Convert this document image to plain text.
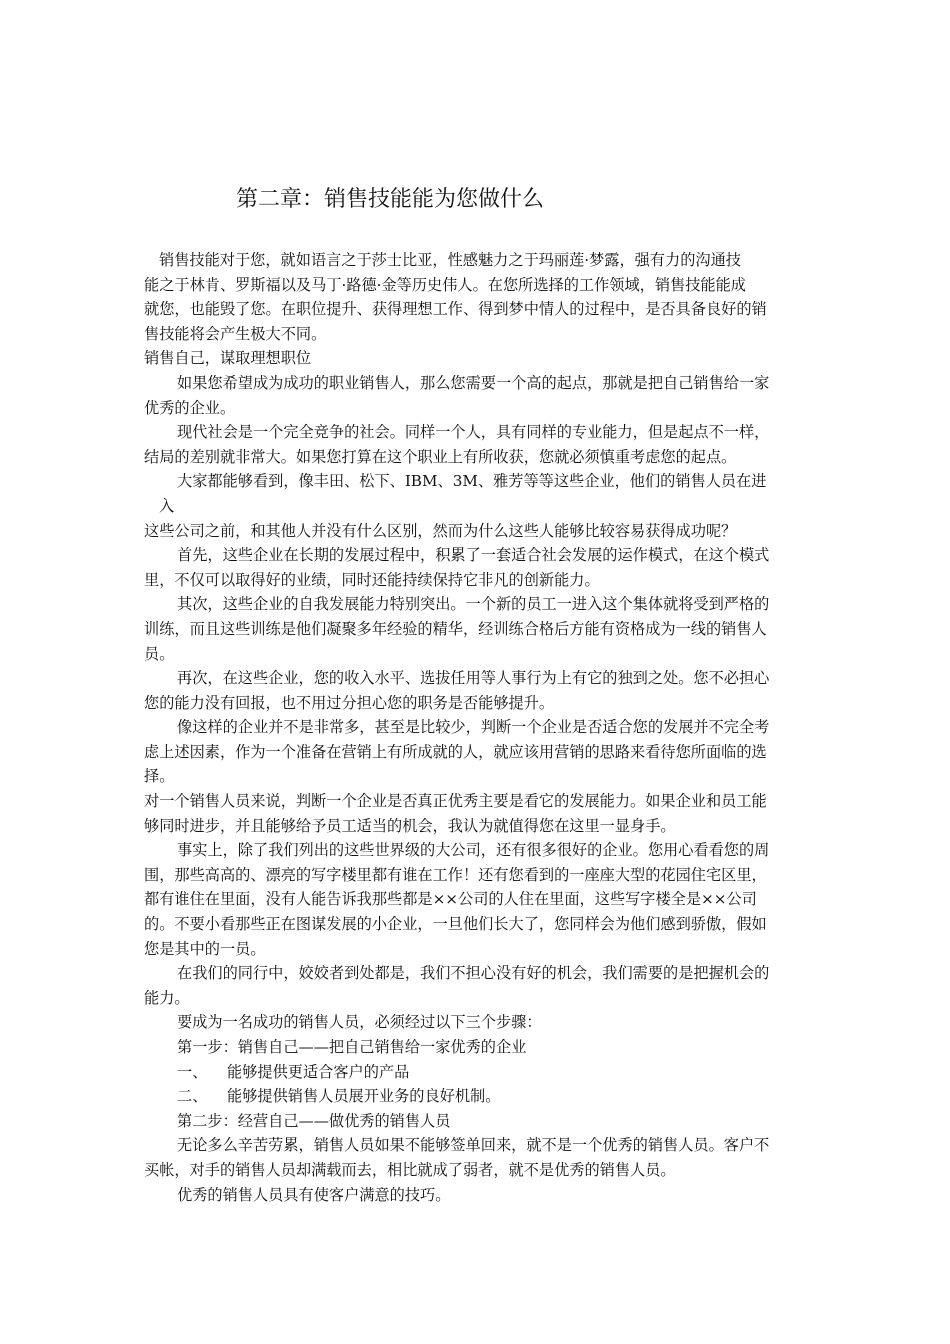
第二章：销售技能能为您做什么
销售技能对于您，就如语言之于莎士比亚，性感魅力之于玛丽莲·梦露，强有力的沟通技
能之于林肯、罗斯福以及马丁·路德·金等历史伟人。在您所选择的工作领域，销售技能能成
就您，也能毁了您。在职位提升、获得理想工作、得到梦中情人的过程中，是否具备良好的销
售技能将会产生极大不同。
销售自己，谋取理想职位
如果您希望成为成功的职业销售人，那么您需要一个高的起点，那就是把自己销售给一家
优秀的企业。
现代社会是一个完全竞争的社会。同样一个人，具有同样的专业能力，但是起点不一样，
结局的差别就非常大。如果您打算在这个职业上有所收获，您就必须慎重考虑您的起点。
大家都能够看到，像丰田、松下、IBM、3M、雅芳等等这些企业，他们的销售人员在进
入
这些公司之前，和其他人并没有什么区别，然而为什么这些人能够比较容易获得成功呢？
首先，这些企业在长期的发展过程中，积累了一套适合社会发展的运作模式，在这个模式
里，不仅可以取得好的业绩，同时还能持续保持它非凡的创新能力。
其次，这些企业的自我发展能力特别突出。一个新的员工一进入这个集体就将受到严格的
训练，而且这些训练是他们凝聚多年经验的精华，经训练合格后方能有资格成为一线的销售人
员。
再次，在这些企业，您的收入水平、选拔任用等人事行为上有它的独到之处。您不必担心
您的能力没有回报，也不用过分担心您的职务是否能够提升。
像这样的企业并不是非常多，甚至是比较少，判断一个企业是否适合您的发展并不完全考
虑上述因素，作为一个准备在营销上有所成就的人，就应该用营销的思路来看待您所面临的选
择。
对一个销售人员来说，判断一个企业是否真正优秀主要是看它的发展能力。如果企业和员工能
够同时进步，并且能够给予员工适当的机会，我认为就值得您在这里一显身手。
事实上，除了我们列出的这些世界级的大公司，还有很多很好的企业。您用心看看您的周
围，那些高高的、漂亮的写字楼里都有谁在工作！还有您看到的一座座大型的花园住宅区里，
都有谁住在里面，没有人能告诉我那些都是××公司的人住在里面，这些写字楼全是××公司
的。不要小看那些正在图谋发展的小企业，一旦他们长大了，您同样会为他们感到骄傲，假如
您是其中的一员。
在我们的同行中，姣姣者到处都是，我们不担心没有好的机会，我们需要的是把握机会的
能力。
要成为一名成功的销售人员，必须经过以下三个步骤：
第一步：销售自己——把自己销售给一家优秀的企业
一、 能够提供更适合客户的产品
二、 能够提供销售人员展开业务的良好机制。
第二步：经营自己——做优秀的销售人员
无论多么辛苦劳累，销售人员如果不能够签单回来，就不是一个优秀的销售人员。客户不
买帐，对手的销售人员却满载而去，相比就成了弱者，就不是优秀的销售人员。
优秀的销售人员具有使客户满意的技巧。
